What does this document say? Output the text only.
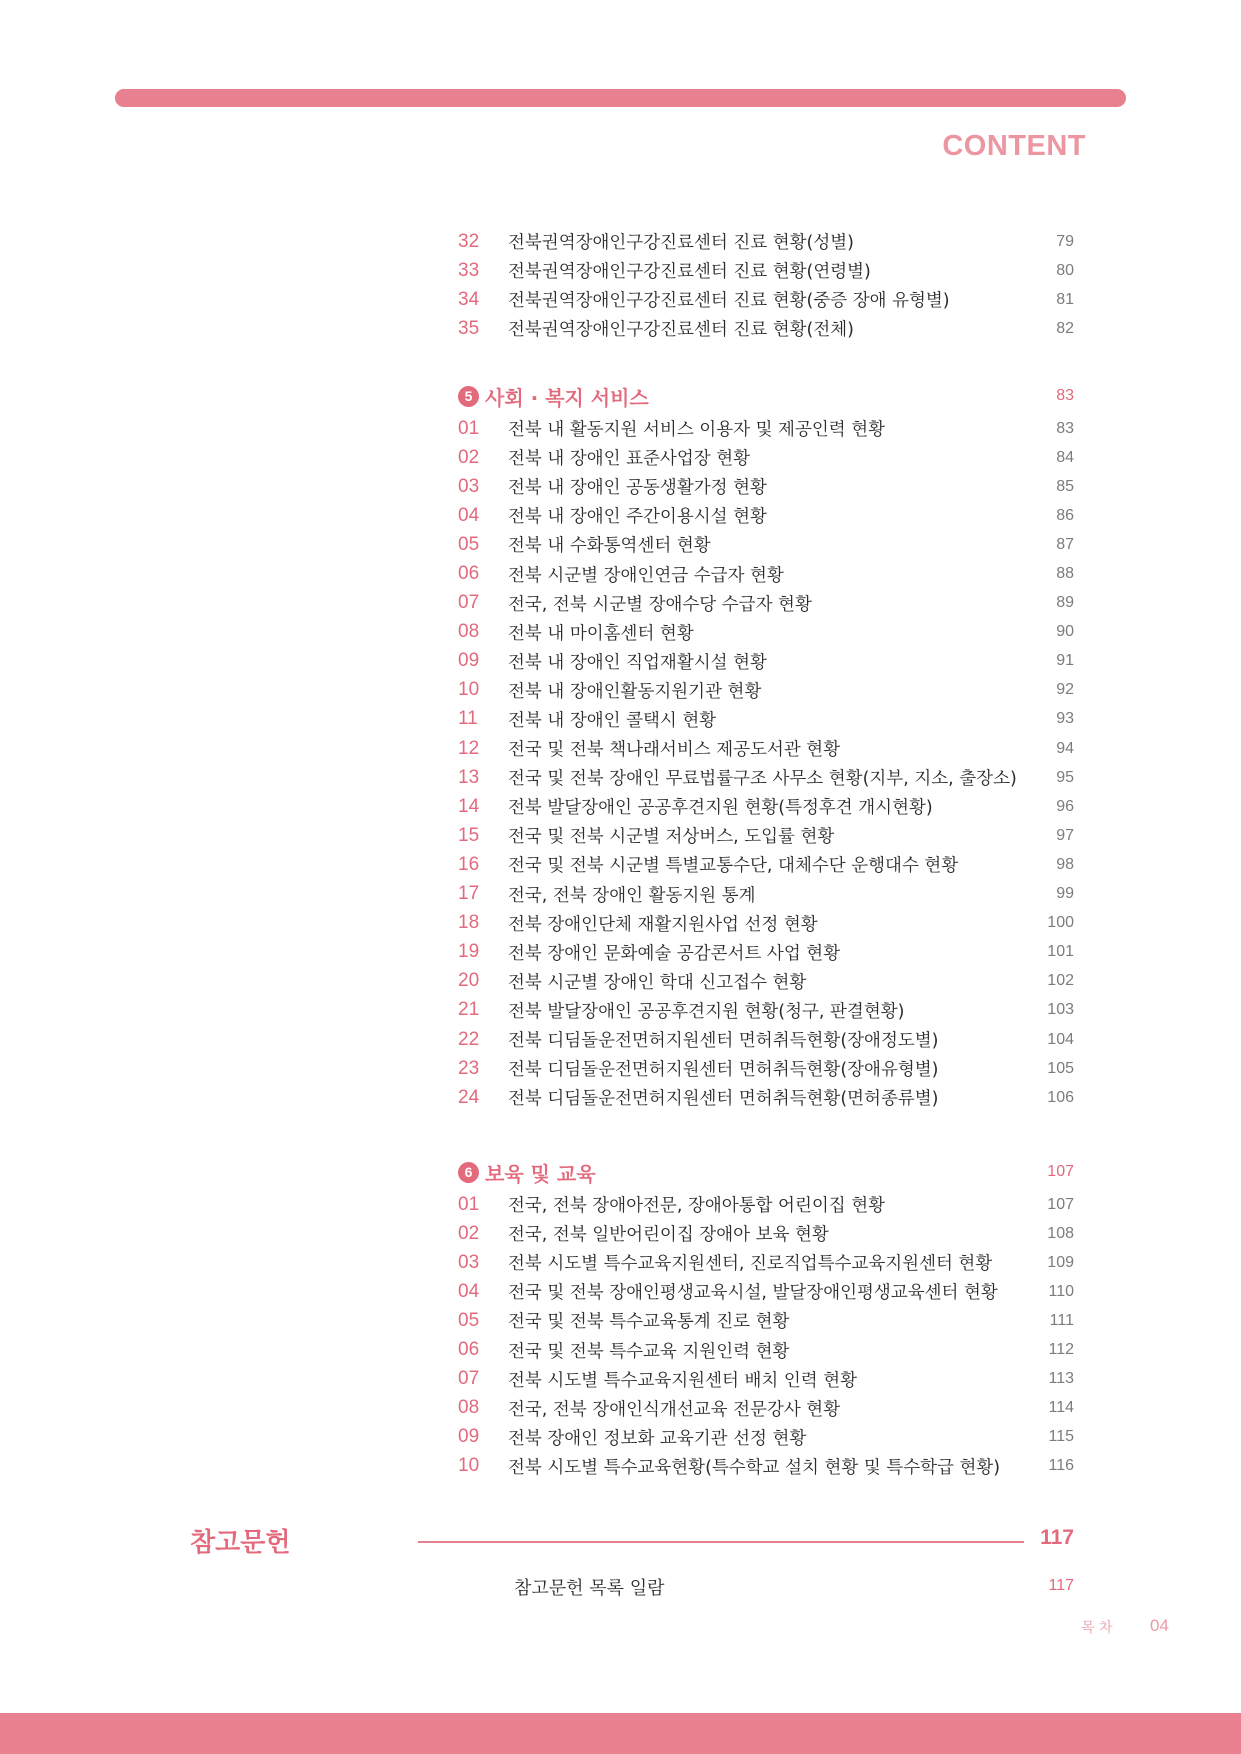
CONTENT
32	전북권역장애인구강진료센터 진료 현황(성별)	79
33	전북권역장애인구강진료센터 진료 현황(연령별)	80
34	전북권역장애인구강진료센터 진료 현황(중증 장애 유형별)	81
35	전북권역장애인구강진료센터 진료 현황(전체)	82
5 사회 · 복지 서비스	83
01	전북 내 활동지원 서비스 이용자 및 제공인력 현황	83
02	전북 내 장애인 표준사업장 현황	84
03	전북 내 장애인 공동생활가정 현황	85
04	전북 내 장애인 주간이용시설 현황	86
05	전북 내 수화통역센터 현황	87
06	전북 시군별 장애인연금 수급자 현황	88
07	전국, 전북 시군별 장애수당 수급자 현황	89
08	전북 내 마이홈센터 현황	90
09	전북 내 장애인 직업재활시설 현황	91
10	전북 내 장애인활동지원기관 현황	92
11	전북 내 장애인 콜택시 현황	93
12	전국 및 전북 책나래서비스 제공도서관 현황	94
13	전국 및 전북 장애인 무료법률구조 사무소 현황(지부, 지소, 출장소)	95
14	전북 발달장애인 공공후견지원 현황(특정후견 개시현황)	96
15	전국 및 전북 시군별 저상버스, 도입률 현황	97
16	전국 및 전북 시군별 특별교통수단, 대체수단 운행대수 현황	98
17	전국, 전북 장애인 활동지원 통계	99
18	전북 장애인단체 재활지원사업 선정 현황	100
19	전북 장애인 문화예술 공감콘서트 사업 현황	101
20	전북 시군별 장애인 학대 신고접수 현황	102
21	전북 발달장애인 공공후견지원 현황(청구, 판결현황)	103
22	전북 디딤돌운전면허지원센터 면허취득현황(장애정도별)	104
23	전북 디딤돌운전면허지원센터 면허취득현황(장애유형별)	105
24	전북 디딤돌운전면허지원센터 면허취득현황(면허종류별)	106
6 보육 및 교육	107
01	전국, 전북 장애아전문, 장애아통합 어린이집 현황	107
02	전국, 전북 일반어린이집 장애아 보육 현황	108
03	전북 시도별 특수교육지원센터, 진로직업특수교육지원센터 현황	109
04	전국 및 전북 장애인평생교육시설, 발달장애인평생교육센터 현황	110
05	전국 및 전북 특수교육통계 진로 현황	111
06	전국 및 전북 특수교육 지원인력 현황	112
07	전북 시도별 특수교육지원센터 배치 인력 현황	113
08	전국, 전북 장애인식개선교육 전문강사 현황	114
09	전북 장애인 정보화 교육기관 선정 현황	115
10	전북 시도별 특수교육현황(특수학교 설치 현황 및 특수학급 현황)	116
참고문헌	117
참고문헌 목록 일람	117
목 차 04
